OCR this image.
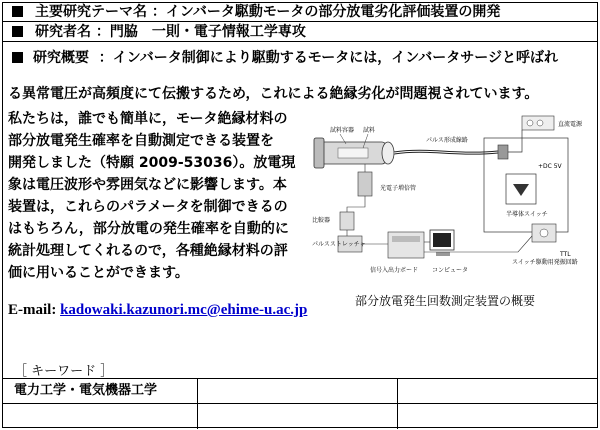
主要研究テーマ名 ：インバータ駆動モータの部分放電劣化評価装置の開発
研究者名 ：門脇　一則・電子情報工学専攻
研究概要 ：インバータ制御により駆動するモータには，インバータサージと呼ばれ
る異常電圧が高頻度にて伝搬するため，これによる絶縁劣化が問題視されています。
私たちは，誰でも簡単に，モータ絶縁材料の
部分放電発生確率を自動測定できる装置を
開発しました（特願 2009-53036）。放電現
象は電圧波形や雰囲気などに影響します。本
装置は，これらのパラメータを制御できるの
はもちろん，部分放電の発生確率を自動的に
統計処理してくれるので，各種絶縁材料の評
価に用いることができます。
E-mail: kadowaki.kazunori.mc@ehime-u.ac.jp
試料容器 試料
パルス形成線路
直流電源
+DC 5V
半導体スイッチ
光電子増倍管
比較器
パルスストレッチャ
信号入出力ボード コンピュータ
TTL
スイッチ駆動用発振回路
部分放電発生回数測定装置の概要
［ キーワード ］
電力工学・電気機器工学
